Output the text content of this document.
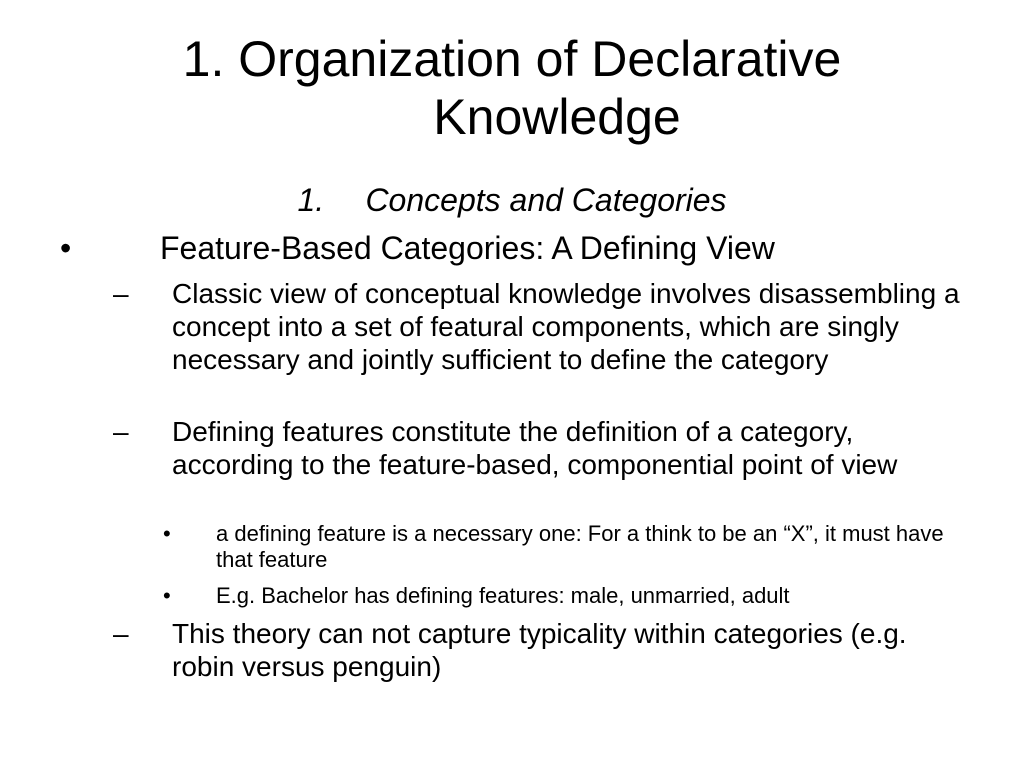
1. Organization of Declarative
Knowledge
1. Concepts and Categories
•	Feature-Based Categories: A Defining View
– Classic view of conceptual knowledge involves disassembling a concept into a set of featural components, which are singly necessary and jointly sufficient to define the category
– Defining features constitute the definition of a category, according to the feature-based, componential point of view
• a defining feature is a necessary one: For a think to be an “X”, it must have that feature
• E.g. Bachelor has defining features: male, unmarried, adult
– This theory can not capture typicality within categories (e.g. robin versus penguin)
